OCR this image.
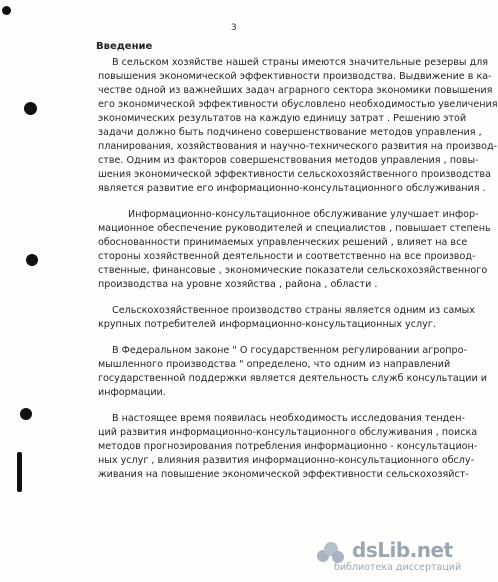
3
Введение
В сельском хозяйстве нашей страны имеются значительные резервы для
повышения экономической эффективности производства. Выдвижение в ка-
честве одной из важнейших задач аграрного сектора экономики повышения
его экономической эффективности обусловлено необходимостью увеличения
экономических результатов на каждую единицу затрат . Решению этой
задачи должно быть подчинено совершенствование методов управления ,
планирования, хозяйствования и научно-технического развития на производ-
стве. Одним из факторов совершенствования методов управления , повы-
шения экономической эффективности сельскохозяйственного производства
является развитие его информационно-консультационного обслуживания .
Информационно-консультационное обслуживание улучшает инфор-
мационное обеспечение руководителей и специалистов , повышает степень
обоснованности принимаемых управленческих решений , влияет на все
стороны хозяйственной деятельности и соответственно на все производ-
ственные, финансовые , экономические показатели сельскохозяйственного
производства на уровне хозяйства , района , области .
Сельскохозяйственное производство страны является одним из самых
крупных потребителей информационно-консультационных услуг.
В Федеральном законе " О государственном регулировании агропро-
мышленного производства " определено, что одним из направлений
государственной поддержки является деятельность служб консультации и
информации.
В настоящее время появилась необходимость исследования тенден-
ций развития информационно-консультационного обслуживания , поиска
методов прогнозирования потребления информационно - консультацион-
ных услуг , влияния развития информационно-консультационного обслу-
живания на повышение экономической эффективности сельскохозяйст-
dsLib.net
библиотека диссертаций
